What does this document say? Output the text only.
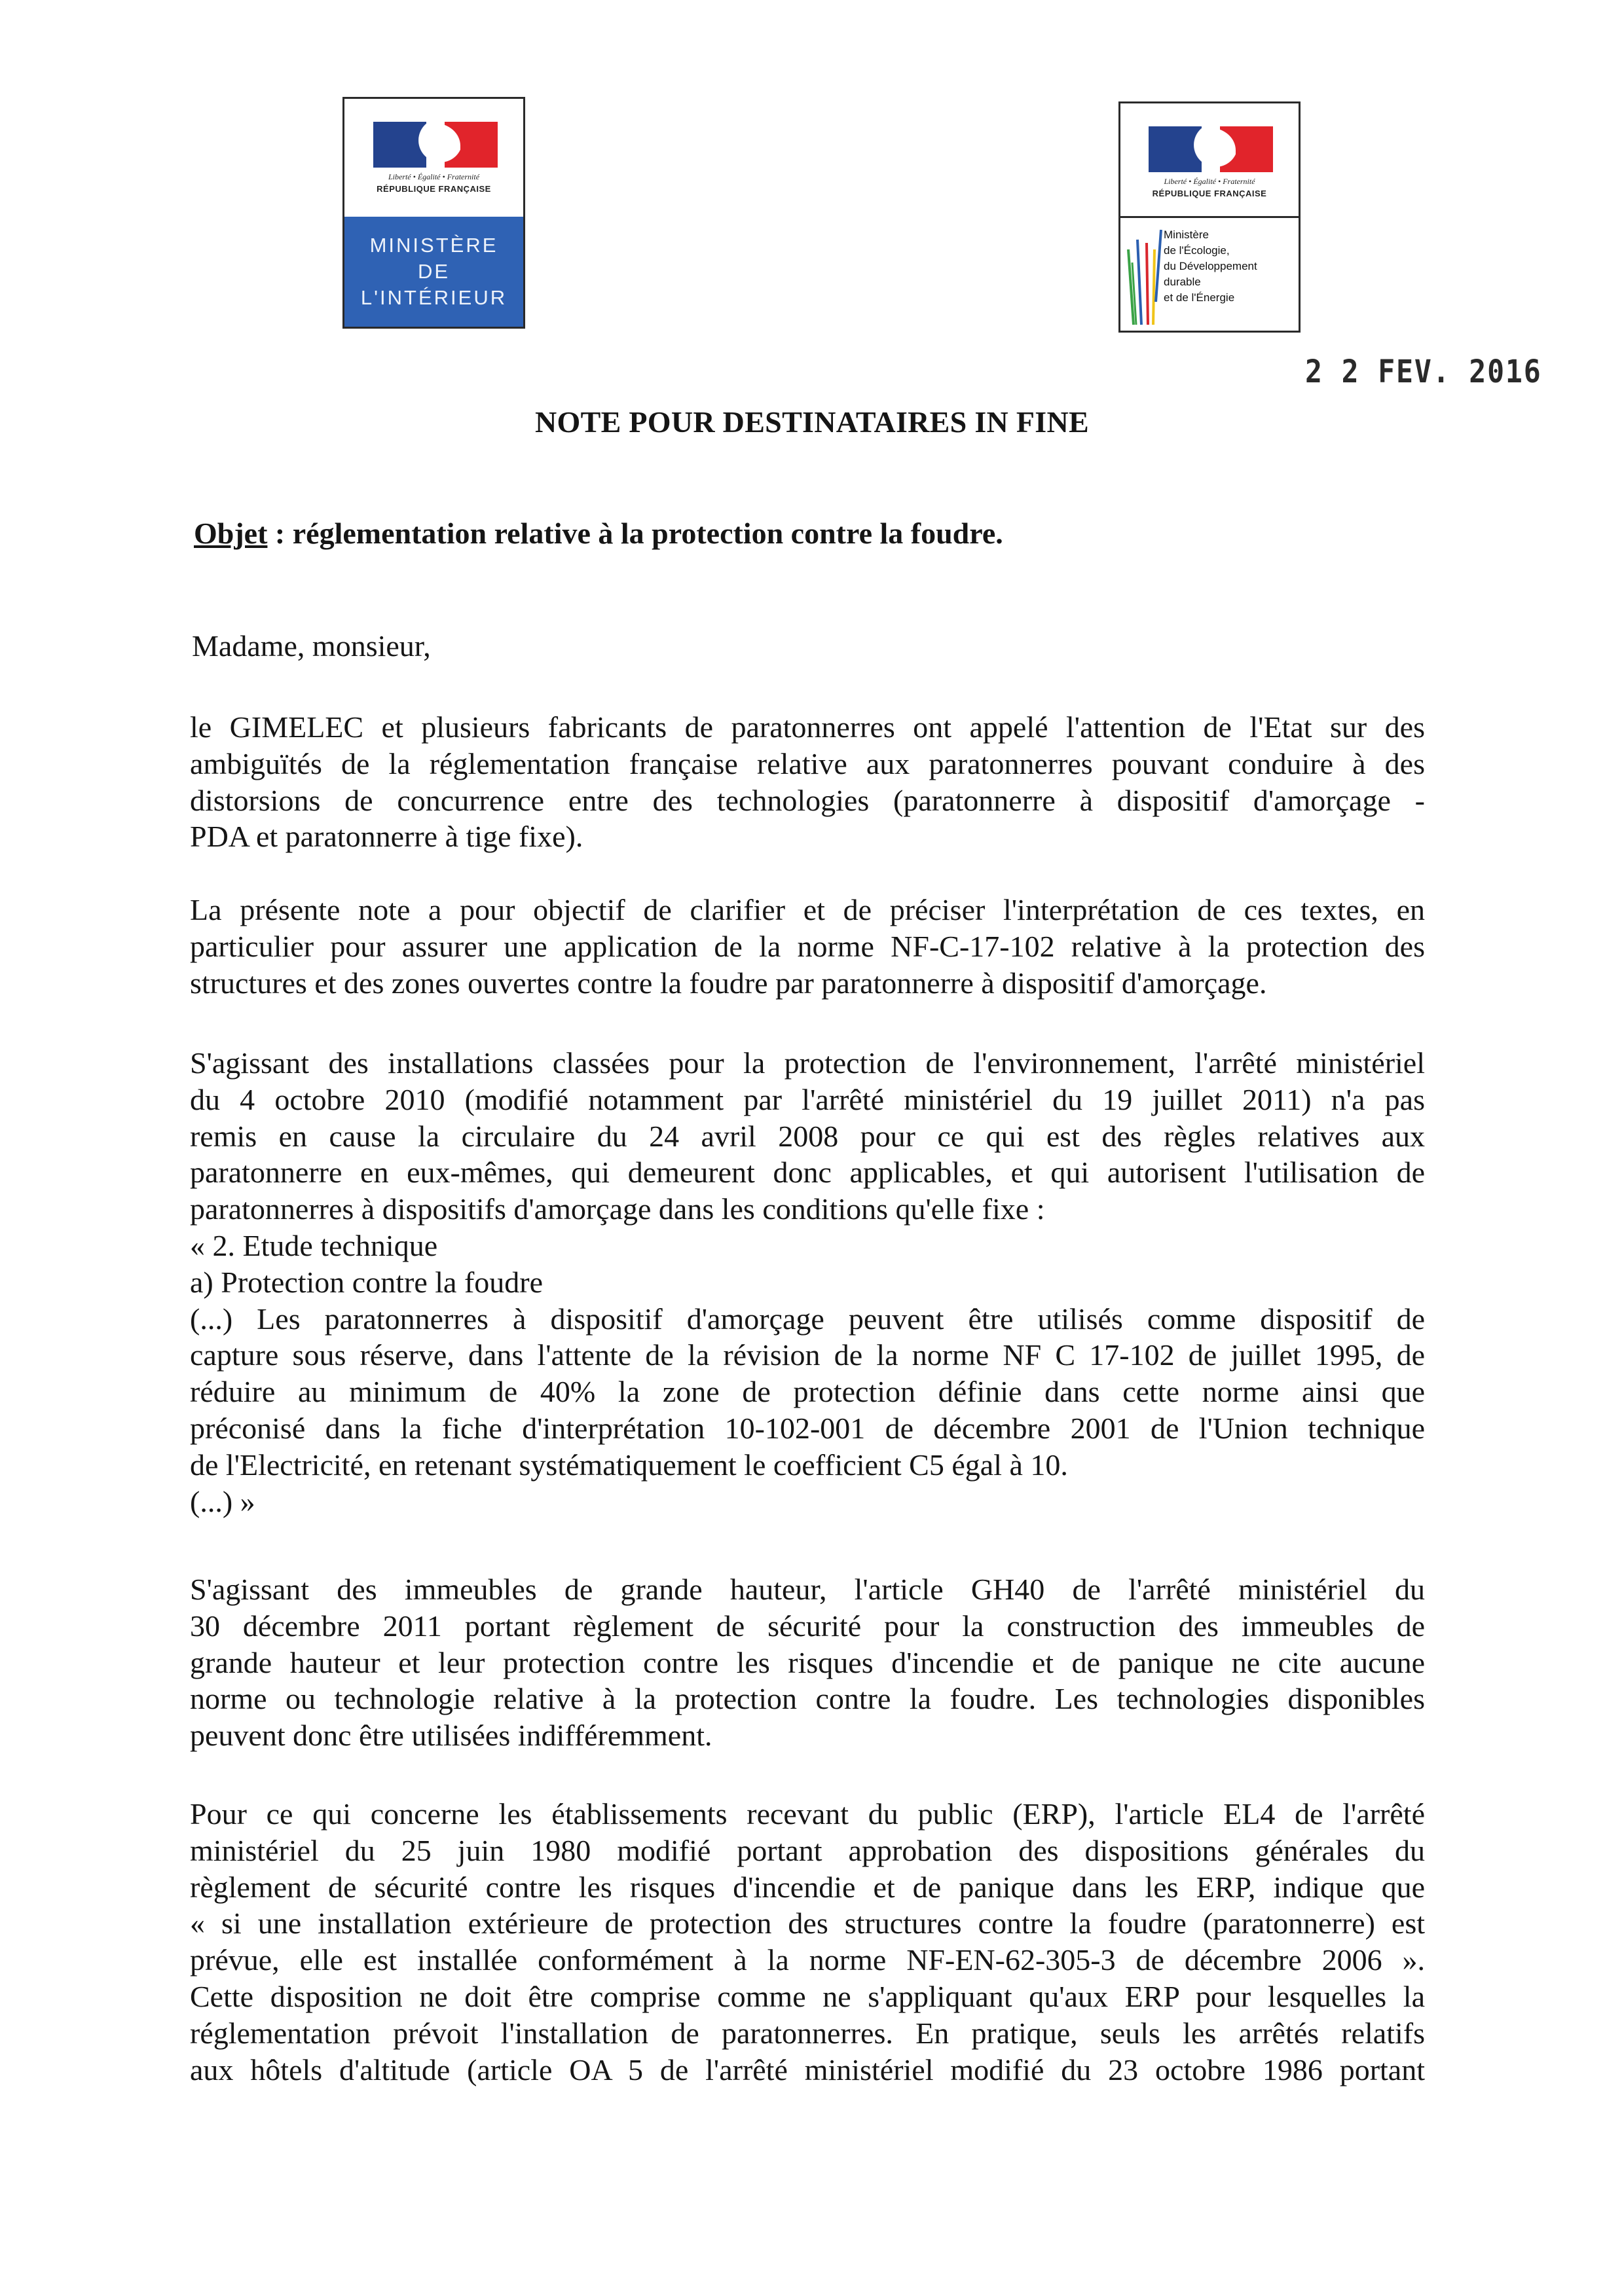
Liberté • Égalité • Fraternité
RÉPUBLIQUE FRANÇAISE
MINISTÈRE
DE
L'INTÉRIEUR
Liberté • Égalité • Fraternité
RÉPUBLIQUE FRANÇAISE
Ministère
de l'Écologie,
du Développement
durable
et de l'Énergie
2 2 FEV. 2016
NOTE POUR DESTINATAIRES IN FINE
Objet : réglementation relative à la protection contre la foudre.
Madame, monsieur,
le GIMELEC et plusieurs fabricants de paratonnerres ont appelé l'attention de l'Etat sur des
ambiguïtés de la réglementation française relative aux paratonnerres pouvant conduire à des
distorsions de concurrence entre des technologies (paratonnerre à dispositif d'amorçage -
PDA et paratonnerre à tige fixe).
La présente note a pour objectif de clarifier et de préciser l'interprétation de ces textes, en
particulier pour assurer une application de la norme NF-C-17-102 relative à la protection des
structures et des zones ouvertes contre la foudre par paratonnerre à dispositif d'amorçage.
S'agissant des installations classées pour la protection de l'environnement, l'arrêté ministériel
du 4 octobre 2010 (modifié notamment par l'arrêté ministériel du 19 juillet 2011) n'a pas
remis en cause la circulaire du 24 avril 2008 pour ce qui est des règles relatives aux
paratonnerre en eux-mêmes, qui demeurent donc applicables, et qui autorisent l'utilisation de
paratonnerres à dispositifs d'amorçage dans les conditions qu'elle fixe :
« 2. Etude technique
a) Protection contre la foudre
(...) Les paratonnerres à dispositif d'amorçage peuvent être utilisés comme dispositif de
capture sous réserve, dans l'attente de la révision de la norme NF C 17-102 de juillet 1995, de
réduire au minimum de 40% la zone de protection définie dans cette norme ainsi que
préconisé dans la fiche d'interprétation 10-102-001 de décembre 2001 de l'Union technique
de l'Electricité, en retenant systématiquement le coefficient C5 égal à 10.
(...) »
S'agissant des immeubles de grande hauteur, l'article GH40 de l'arrêté ministériel du
30 décembre 2011 portant règlement de sécurité pour la construction des immeubles de
grande hauteur et leur protection contre les risques d'incendie et de panique ne cite aucune
norme ou technologie relative à la protection contre la foudre. Les technologies disponibles
peuvent donc être utilisées indifféremment.
Pour ce qui concerne les établissements recevant du public (ERP), l'article EL4 de l'arrêté
ministériel du 25 juin 1980 modifié portant approbation des dispositions générales du
règlement de sécurité contre les risques d'incendie et de panique dans les ERP, indique que
« si une installation extérieure de protection des structures contre la foudre (paratonnerre) est
prévue, elle est installée conformément à la norme NF-EN-62-305-3 de décembre 2006 ».
Cette disposition ne doit être comprise comme ne s'appliquant qu'aux ERP pour lesquelles la
réglementation prévoit l'installation de paratonnerres. En pratique, seuls les arrêtés relatifs
aux hôtels d'altitude (article OA 5 de l'arrêté ministériel modifié du 23 octobre 1986 portant
